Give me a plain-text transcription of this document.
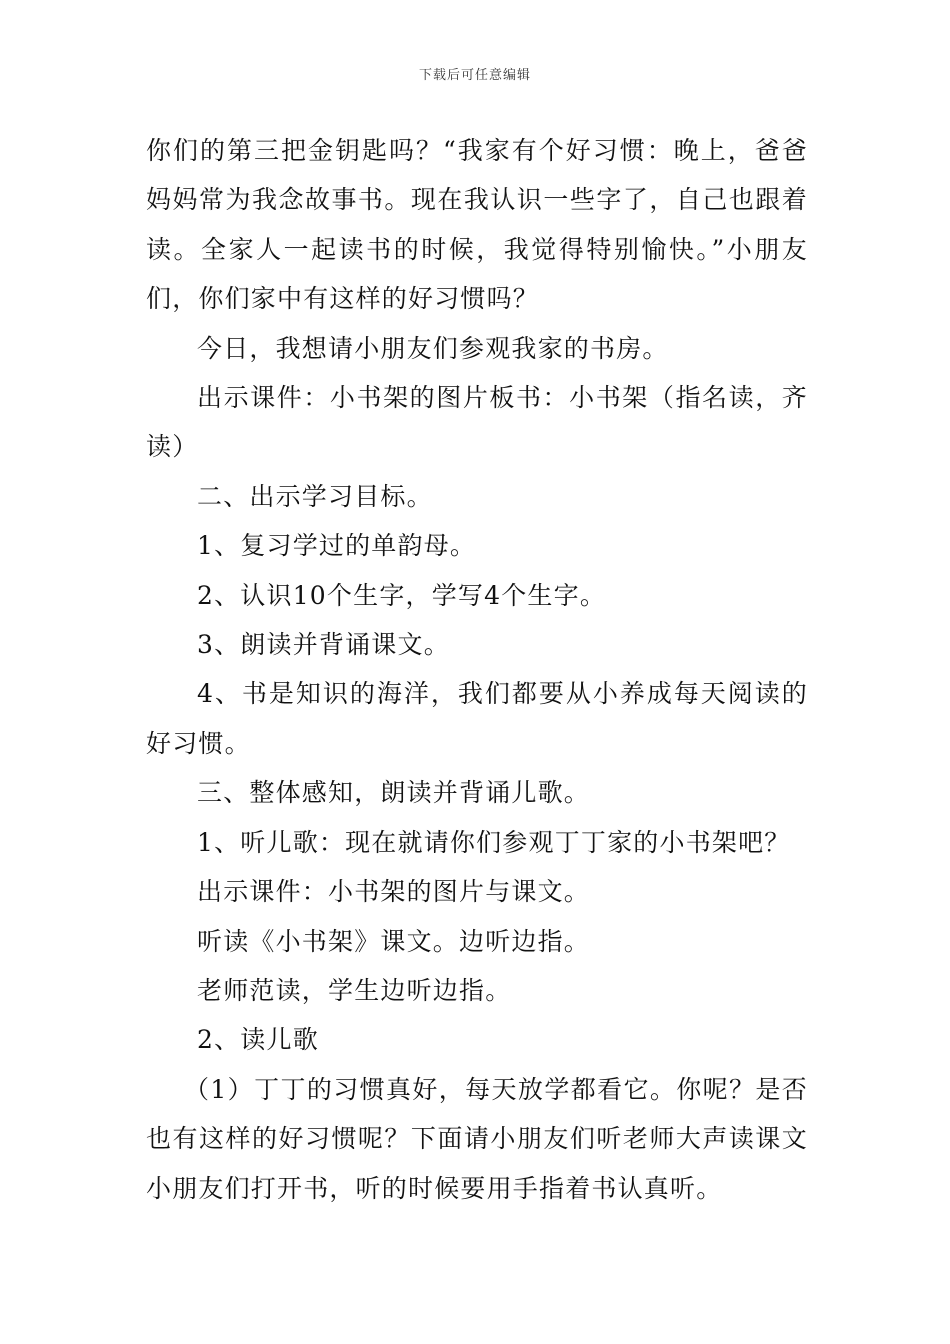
下载后可任意编辑

你们的第三把金钥匙吗？“我家有个好习惯：晚上，爸爸妈妈常为我念故事书。现在我认识一些字了，自己也跟着读。全家人一起读书的时候，我觉得特别愉快。”小朋友们，你们家中有这样的好习惯吗？

今日，我想请小朋友们参观我家的书房。

出示课件：小书架的图片板书：小书架（指名读，齐读）

二、出示学习目标。

1、复习学过的单韵母。

2、认识10个生字，学写4个生字。

3、朗读并背诵课文。

4、书是知识的海洋，我们都要从小养成每天阅读的好习惯。

三、整体感知，朗读并背诵儿歌。

1、听儿歌：现在就请你们参观丁丁家的小书架吧？

出示课件：小书架的图片与课文。

听读《小书架》课文。边听边指。

老师范读，学生边听边指。

2、读儿歌

（1）丁丁的习惯真好，每天放学都看它。你呢？是否也有这样的好习惯呢？下面请小朋友们听老师大声读课文小朋友们打开书，听的时候要用手指着书认真听。
